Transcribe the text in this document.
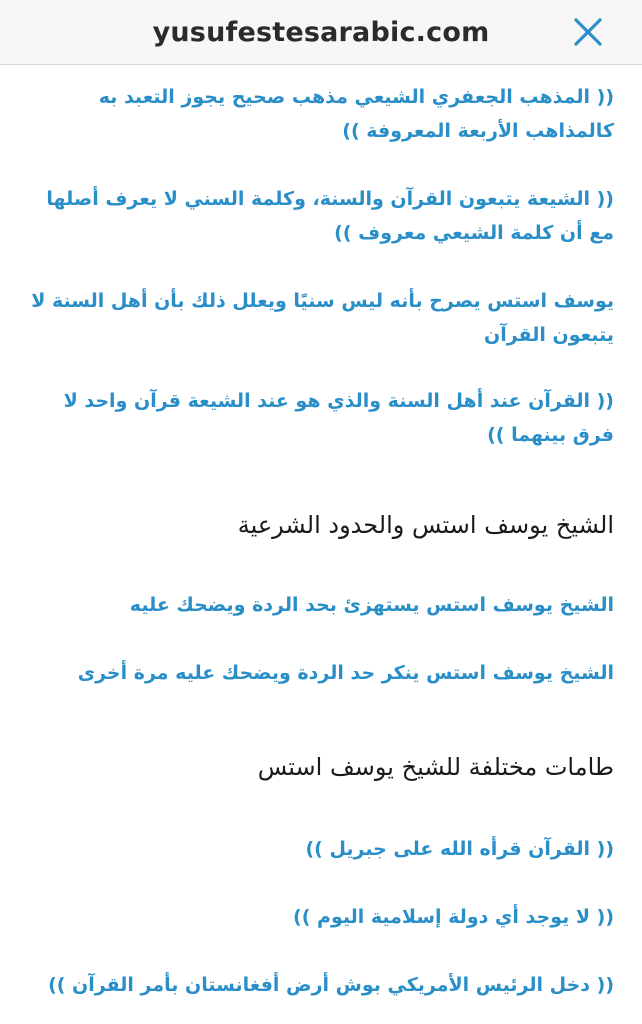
yusufestesarabic.com
(( المذهب الجعفري الشيعي مذهب صحيح يجوز التعبد به كالمذاهب الأربعة المعروفة ))
(( الشيعة يتبعون القرآن والسنة، وكلمة السني لا يعرف أصلها مع أن كلمة الشيعي معروف ))
يوسف استس يصرح بأنه ليس سنيًا ويعلل ذلك بأن أهل السنة لا يتبعون القرآن
(( القرآن عند أهل السنة والذي هو عند الشيعة قرآن واحد لا فرق بينهما ))
الشيخ يوسف استس والحدود الشرعية
الشيخ يوسف استس يستهزئ بحد الردة ويضحك عليه
الشيخ يوسف استس ينكر حد الردة ويضحك عليه مرة أخرى
طامات مختلفة للشيخ يوسف استس
(( القرآن قرأه الله على جبريل ))
(( لا يوجد أي دولة إسلامية اليوم ))
(( دخل الرئيس الأمريكي بوش أرض أفغانستان بأمر القرآن ))
